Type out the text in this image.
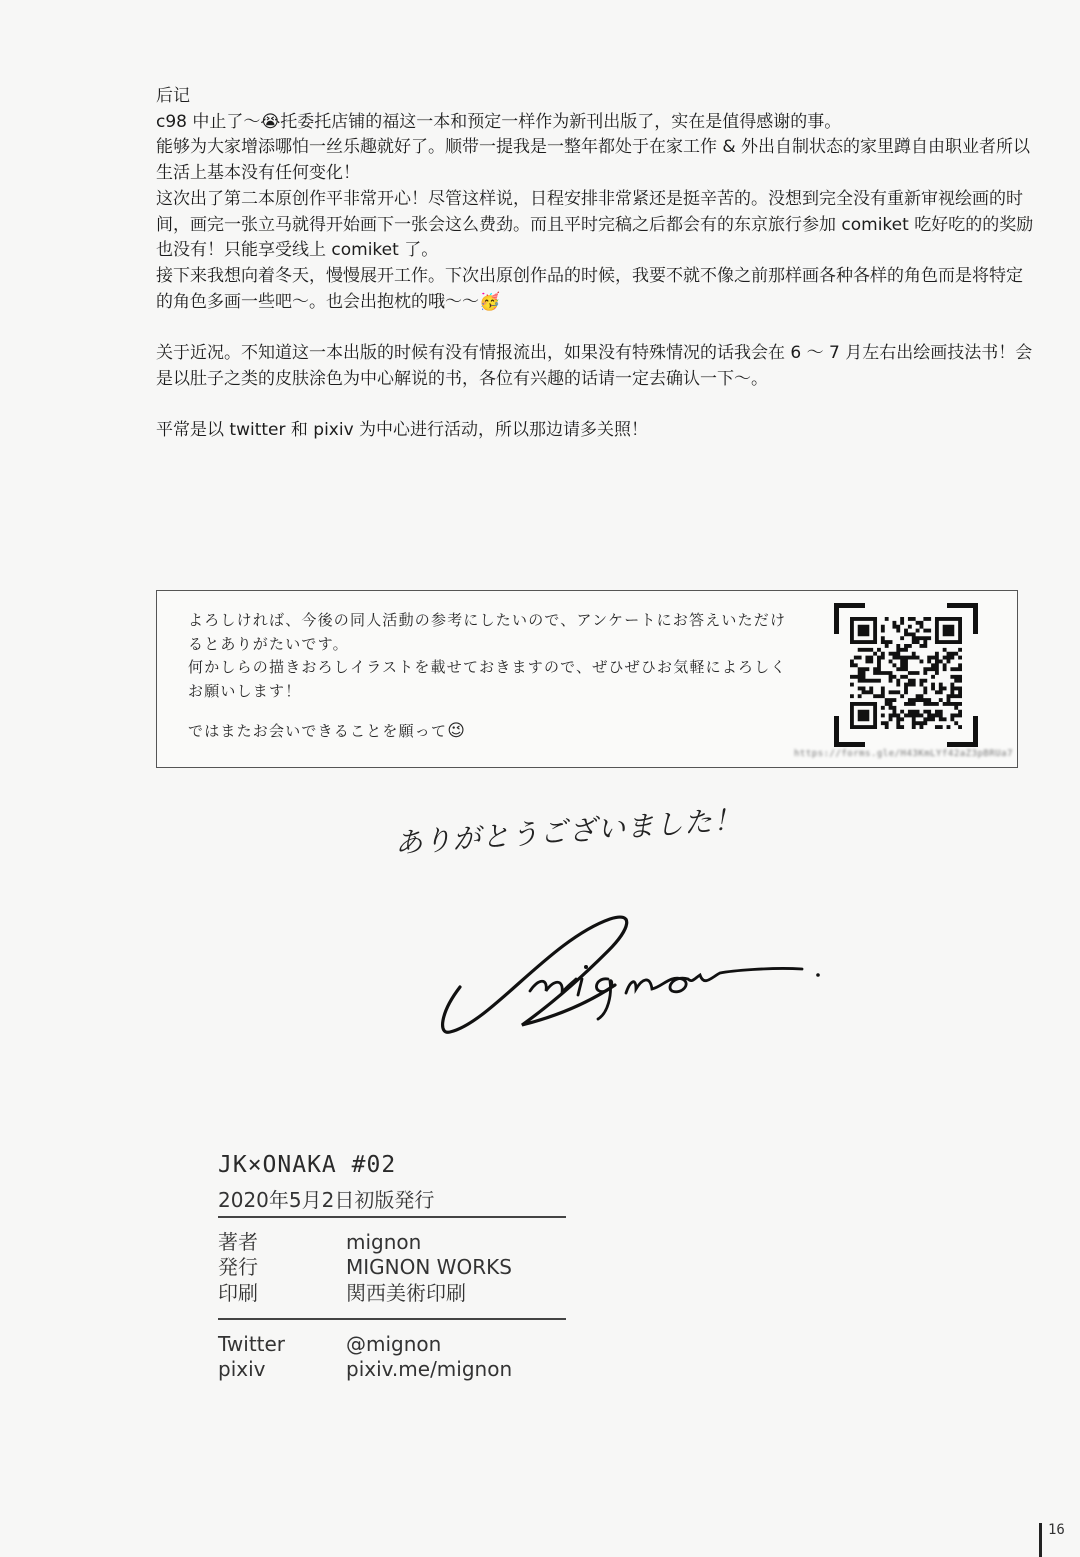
后记

c98 中止了～😭托委托店铺的福这一本和预定一样作为新刊出版了，实在是值得感谢的事。

能够为大家增添哪怕一丝乐趣就好了。顺带一提我是一整年都处于在家工作 & 外出自制状态的家里蹲自由职业者所以生活上基本没有任何变化！

这次出了第二本原创作平非常开心！尽管这样说，日程安排非常紧还是挺辛苦的。没想到完全没有重新审视绘画的时间，画完一张立马就得开始画下一张会这么费劲。而且平时完稿之后都会有的东京旅行参加 comiket 吃好吃的的奖励也没有！只能享受线上 comiket 了。

接下来我想向着冬天，慢慢展开工作。下次出原创作品的时候，我要不就不像之前那样画各种各样的角色而是将特定的角色多画一些吧～。也会出抱枕的哦～～🥳

关于近况。不知道这一本出版的时候有没有情报流出，如果没有特殊情况的话我会在 6 ～ 7 月左右出绘画技法书！会是以肚子之类的皮肤涂色为中心解说的书，各位有兴趣的话请一定去确认一下～。

平常是以 twitter 和 pixiv 为中心进行活动，所以那边请多关照！

よろしければ、今後の同人活動の参考にしたいので、アンケートにお答えいただけるとありがたいです。

何かしらの描きおろしイラストを載せておきますので、ぜひぜひお気軽によろしくお願いします！

ではまたお会いできることを願って😉

https://forms.gle/H43KmLYf42aZ3pBRUa7
ありがとうございました！
JK×ONAKA #02
2020年5月2日初版発行
著者	mignon
発行	MIGNON WORKS
印刷	関西美術印刷
Twitter	@mignon
pixiv	pixiv.me/mignon
16
